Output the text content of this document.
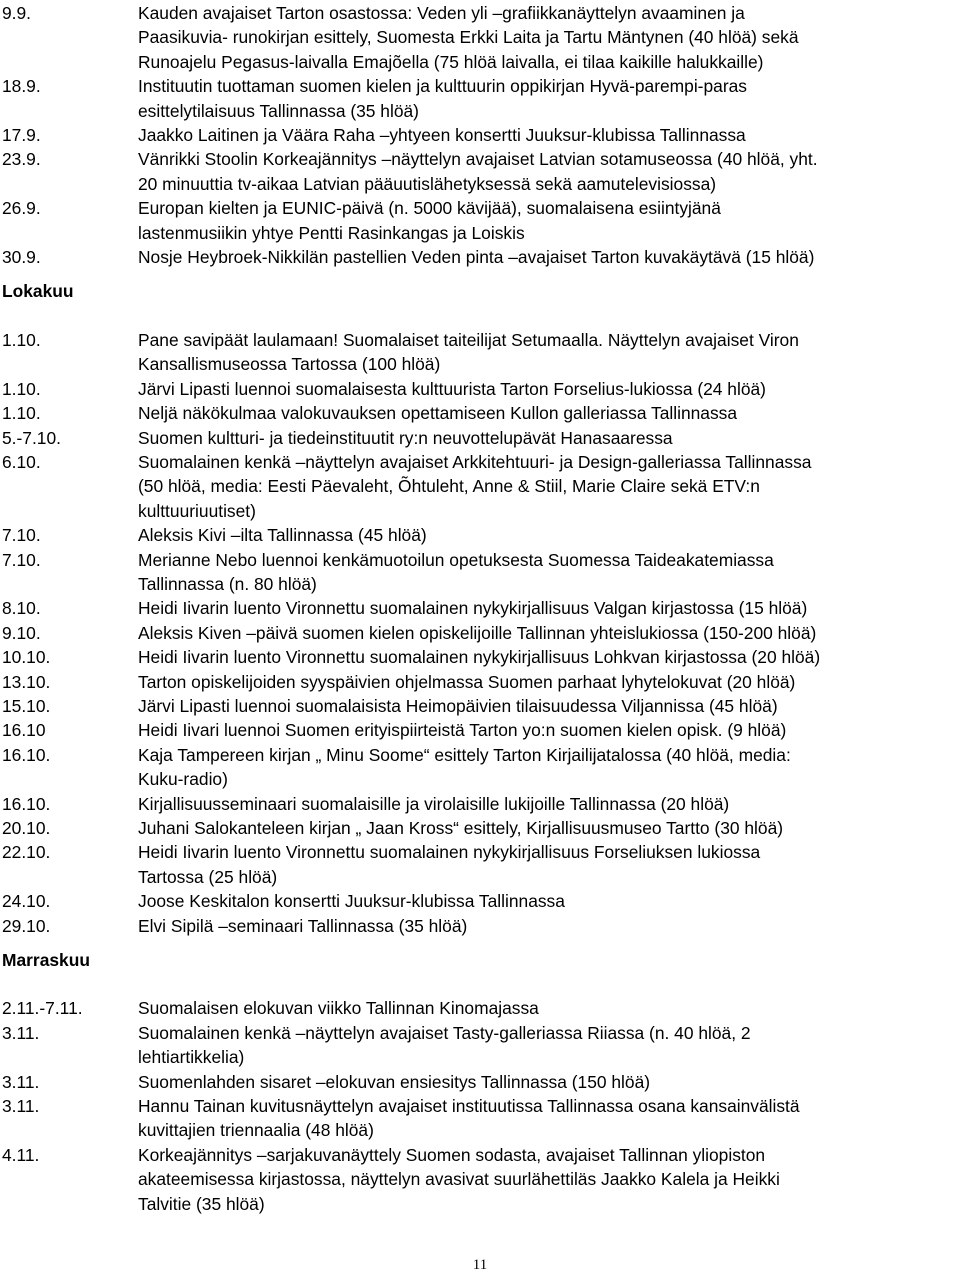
9.9.	Kauden avajaiset Tarton osastossa: Veden yli –grafiikkanäyttelyn avaaminen ja
Paasikuvia- runokirjan esittely, Suomesta Erkki Laita ja Tartu Mäntynen (40 hlöä) sekä
Runoajelu Pegasus-laivalla Emajõella (75 hlöä laivalla, ei tilaa kaikille halukkaille)
18.9.	Instituutin tuottaman suomen kielen ja kulttuurin oppikirjan Hyvä-parempi-paras
esittelytilaisuus Tallinnassa (35 hlöä)
17.9.	Jaakko Laitinen ja Väära Raha –yhtyeen konsertti Juuksur-klubissa Tallinnassa
23.9.	Vänrikki Stoolin Korkeajännitys –näyttelyn avajaiset Latvian sotamuseossa (40 hlöä, yht.
20 minuuttia tv-aikaa Latvian pääuutislähetyksessä sekä aamutelevisiossa)
26.9.	Europan kielten ja EUNIC-päivä (n. 5000 kävijää), suomalaisena esiintyjänä
lastenmusiikin yhtye Pentti Rasinkangas ja Loiskis
30.9.	Nosje Heybroek-Nikkilän pastellien Veden pinta –avajaiset Tarton kuvakäytävä (15 hlöä)
Lokakuu
1.10.	Pane savipäät laulamaan! Suomalaiset taiteilijat Setumaalla. Näyttelyn avajaiset Viron
Kansallismuseossa Tartossa (100 hlöä)
1.10.	Järvi Lipasti luennoi suomalaisesta kulttuurista Tarton Forselius-lukiossa (24 hlöä)
1.10.	Neljä näkökulmaa valokuvauksen opettamiseen Kullon galleriassa Tallinnassa
5.-7.10.	Suomen kultturi- ja tiedeinstituutit ry:n neuvottelupävät Hanasaaressa
6.10.	Suomalainen kenkä –näyttelyn avajaiset Arkkitehtuuri- ja Design-galleriassa Tallinnassa
(50 hlöä, media: Eesti Päevaleht, Õhtuleht, Anne & Stiil, Marie Claire sekä ETV:n
kulttuuriuutiset)
7.10.	Aleksis Kivi –ilta Tallinnassa (45 hlöä)
7.10.	Merianne Nebo luennoi kenkämuotoilun opetuksesta Suomessa Taideakatemiassa
Tallinnassa (n. 80 hlöä)
8.10.	Heidi Iivarin luento Vironnettu suomalainen nykykirjallisuus Valgan kirjastossa (15 hlöä)
9.10.	Aleksis Kiven –päivä suomen kielen opiskelijoille Tallinnan yhteislukiossa (150-200 hlöä)
10.10.	Heidi Iivarin luento Vironnettu suomalainen nykykirjallisuus Lohkvan kirjastossa (20 hlöä)
13.10.	Tarton opiskelijoiden syyspäivien ohjelmassa Suomen parhaat lyhytelokuvat (20 hlöä)
15.10.	Järvi Lipasti luennoi suomalaisista Heimopäivien tilaisuudessa Viljannissa (45 hlöä)
16.10	Heidi Iivari luennoi Suomen erityispiirteistä Tarton yo:n suomen kielen opisk. (9 hlöä)
16.10.	Kaja Tampereen kirjan „ Minu Soome“ esittely Tarton Kirjailijatalossa (40 hlöä, media:
Kuku-radio)
16.10.	Kirjallisuusseminaari suomalaisille ja virolaisille lukijoille Tallinnassa (20 hlöä)
20.10.	Juhani Salokanteleen kirjan „ Jaan Kross“ esittely, Kirjallisuusmuseo Tartto (30 hlöä)
22.10.	Heidi Iivarin luento Vironnettu suomalainen nykykirjallisuus Forseliuksen lukiossa
Tartossa (25 hlöä)
24.10.	Joose Keskitalon konsertti Juuksur-klubissa Tallinnassa
29.10.	Elvi Sipilä –seminaari Tallinnassa (35 hlöä)
Marraskuu
2.11.-7.11.	Suomalaisen elokuvan viikko Tallinnan Kinomajassa
3.11.	Suomalainen kenkä –näyttelyn avajaiset Tasty-galleriassa Riiassa (n. 40 hlöä, 2
lehtiartikkelia)
3.11.	Suomenlahden sisaret –elokuvan ensiesitys Tallinnassa (150 hlöä)
3.11.	Hannu Tainan kuvitusnäyttelyn avajaiset instituutissa Tallinnassa osana kansainvälistä
kuvittajien triennaalia (48 hlöä)
4.11.	Korkeajännitys –sarjakuvanäyttely Suomen sodasta, avajaiset Tallinnan yliopiston
akateemisessa kirjastossa, näyttelyn avasivat suurlähettiläs Jaakko Kalela ja Heikki
Talvitie (35 hlöä)
11
